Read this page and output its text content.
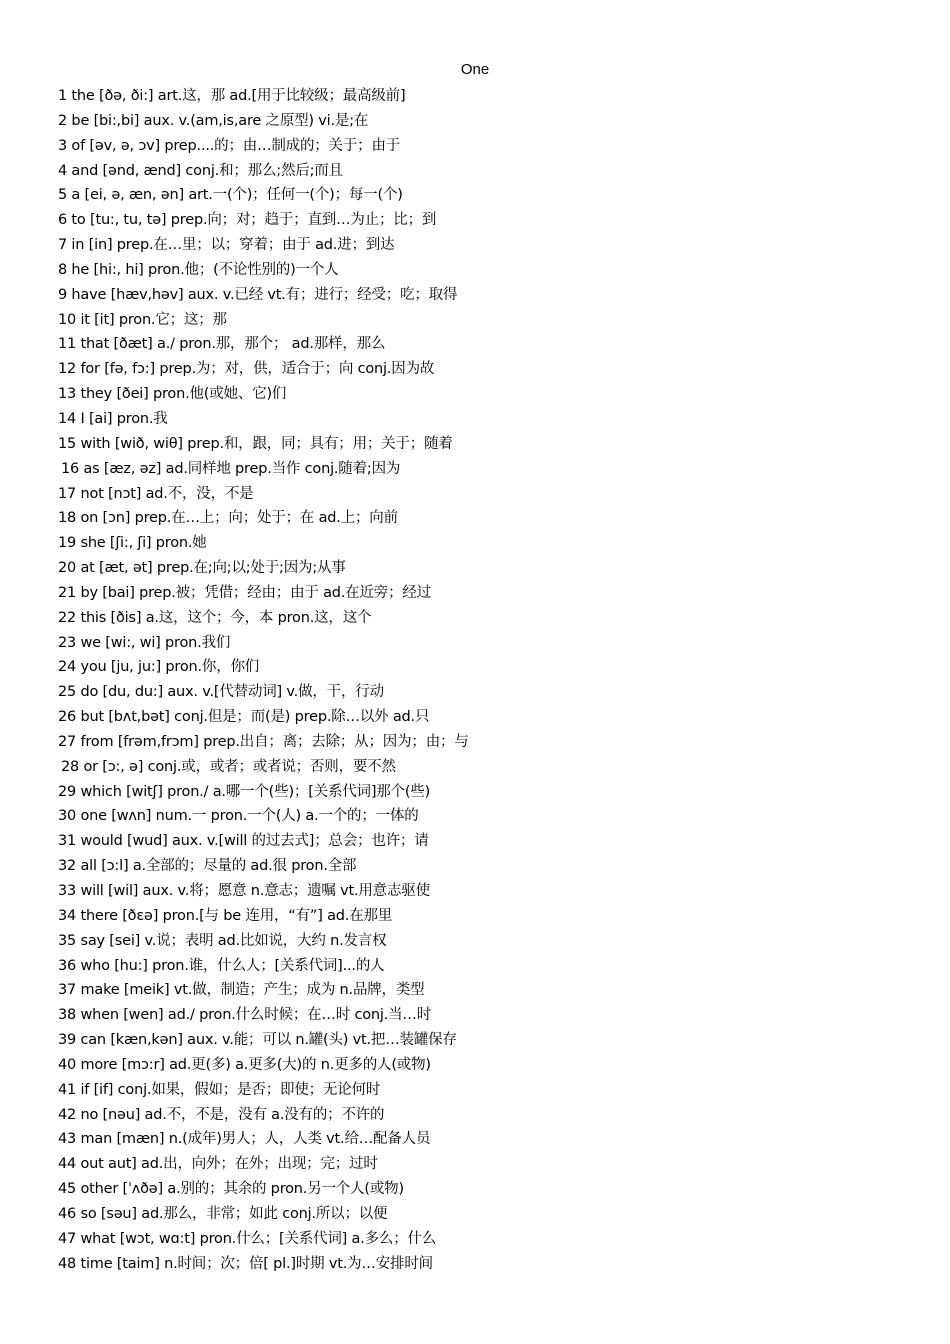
One
1 the [ðə, ði:] art.这，那 ad.[用于比较级；最高级前]
2 be [bi:,bi] aux. v.(am,is,are 之原型) vi.是;在
3 of [əv, ə, ɔv] prep....的；由…制成的；关于；由于
4 and [ənd, ænd] conj.和；那么;然后;而且
5 a [ei, ə, æn, ən] art.一(个)；任何一(个)；每一(个)
6 to [tu:, tu, tə] prep.向；对；趋于；直到…为止；比；到
7 in [in] prep.在…里；以；穿着；由于 ad.进；到达
8 he [hi:, hi] pron.他；(不论性别的)一个人
9 have [hæv,həv] aux. v.已经 vt.有；进行；经受；吃；取得
10 it [it] pron.它；这；那
11 that [ðæt] a./ pron.那，那个； ad.那样，那么
12 for [fə, fɔ:] prep.为；对，供，适合于；向 conj.因为故
13 they [ðei] pron.他(或她、它)们
14 I [ai] pron.我
15 with [wið, wiθ] prep.和，跟，同；具有；用；关于；随着
16 as [æz, əz] ad.同样地 prep.当作 conj.随着;因为
17 not [nɔt] ad.不，没，不是
18 on [ɔn] prep.在…上；向；处于；在 ad.上；向前
19 she [ʃi:, ʃi] pron.她
20 at [æt, ət] prep.在;向;以;处于;因为;从事
21 by [bai] prep.被；凭借；经由；由于 ad.在近旁；经过
22 this [ðis] a.这，这个；今，本 pron.这，这个
23 we [wi:, wi] pron.我们
24 you [ju, ju:] pron.你，你们
25 do [du, du:] aux. v.[代替动词] v.做，干，行动
26 but [bʌt,bət] conj.但是；而(是) prep.除…以外 ad.只
27 from [frəm,frɔm] prep.出自；离；去除；从；因为；由；与
28 or [ɔ:, ə] conj.或，或者；或者说；否则，要不然
29 which [witʃ] pron./ a.哪一个(些)；[关系代词]那个(些)
30 one [wʌn] num.一 pron.一个(人) a.一个的；一体的
31 would [wud] aux. v.[will 的过去式]；总会；也许；请
32 all [ɔ:l] a.全部的；尽量的 ad.很 pron.全部
33 will [wil] aux. v.将；愿意 n.意志；遗嘱 vt.用意志驱使
34 there [ðɛə] pron.[与 be 连用，“有”] ad.在那里
35 say [sei] v.说；表明 ad.比如说，大约 n.发言权
36 who [hu:] pron.谁，什么人；[关系代词]...的人
37 make [meik] vt.做，制造；产生；成为 n.品牌，类型
38 when [wen] ad./ pron.什么时候；在…时 conj.当…时
39 can [kæn,kən] aux. v.能；可以 n.罐(头) vt.把…装罐保存
40 more [mɔ:r] ad.更(多) a.更多(大)的 n.更多的人(或物)
41 if [if] conj.如果，假如；是否；即使；无论何时
42 no [nəu] ad.不，不是，没有 a.没有的；不许的
43 man [mæn] n.(成年)男人；人，人类 vt.给…配备人员
44 out aut] ad.出，向外；在外；出现；完；过时
45 other [ˈʌðə] a.别的；其余的 pron.另一个人(或物)
46 so [səu] ad.那么，非常；如此 conj.所以；以便
47 what [wɔt, wɑ:t] pron.什么；[关系代词] a.多么；什么
48 time [taim] n.时间；次；倍[ pl.]时期 vt.为…安排时间
